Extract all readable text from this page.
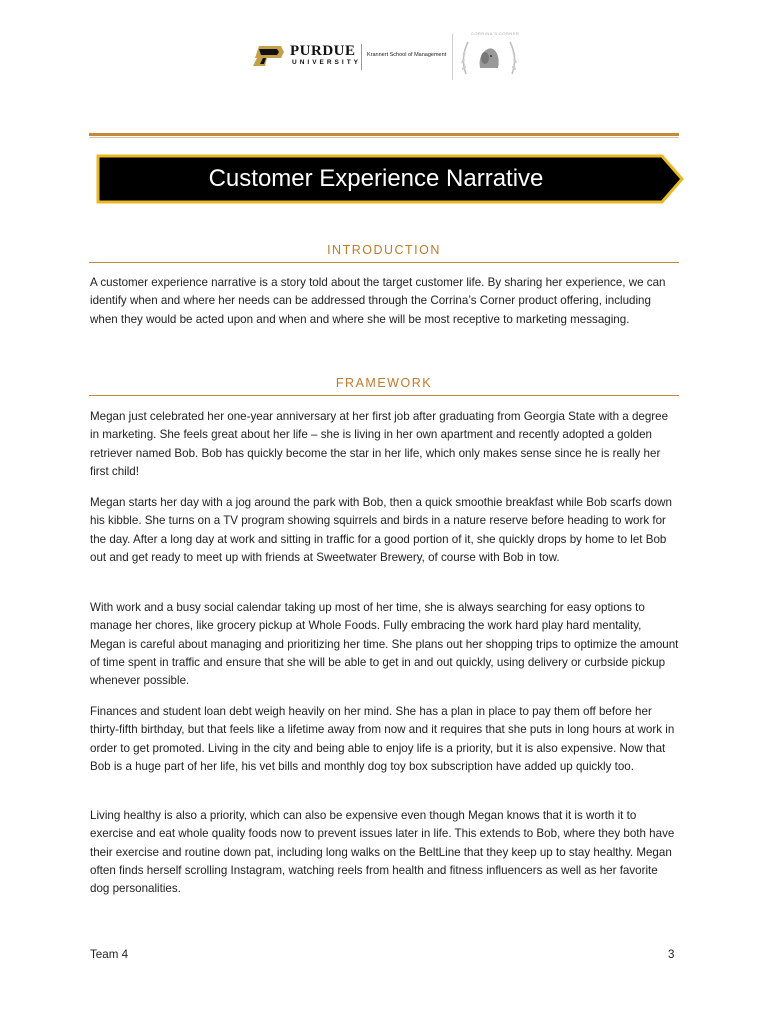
PURDUE
UNIVERSITY
Krannert School of Management
CORRINA'S CORNER
Customer Experience Narrative
INTRODUCTION

A customer experience narrative is a story told about the target customer life. By sharing her experience, we can identify when and where her needs can be addressed through the Corrina’s Corner product offering, including when they would be acted upon and when and where she will be most receptive to marketing messaging.

FRAMEWORK

Megan just celebrated her one-year anniversary at her first job after graduating from Georgia State with a degree in marketing. She feels great about her life – she is living in her own apartment and recently adopted a golden retriever named Bob. Bob has quickly become the star in her life, which only makes sense since he is really her first child!

Megan starts her day with a jog around the park with Bob, then a quick smoothie breakfast while Bob scarfs down his kibble. She turns on a TV program showing squirrels and birds in a nature reserve before heading to work for the day. After a long day at work and sitting in traffic for a good portion of it, she quickly drops by home to let Bob out and get ready to meet up with friends at Sweetwater Brewery, of course with Bob in tow.

With work and a busy social calendar taking up most of her time, she is always searching for easy options to manage her chores, like grocery pickup at Whole Foods. Fully embracing the work hard play hard mentality, Megan is careful about managing and prioritizing her time. She plans out her shopping trips to optimize the amount of time spent in traffic and ensure that she will be able to get in and out quickly, using delivery or curbside pickup whenever possible.

Finances and student loan debt weigh heavily on her mind. She has a plan in place to pay them off before her thirty-fifth birthday, but that feels like a lifetime away from now and it requires that she puts in long hours at work in order to get promoted. Living in the city and being able to enjoy life is a priority, but it is also expensive. Now that Bob is a huge part of her life, his vet bills and monthly dog toy box subscription have added up quickly too.

Living healthy is also a priority, which can also be expensive even though Megan knows that it is worth it to exercise and eat whole quality foods now to prevent issues later in life. This extends to Bob, where they both have their exercise and routine down pat, including long walks on the BeltLine that they keep up to stay healthy. Megan often finds herself scrolling Instagram, watching reels from health and fitness influencers as well as her favorite dog personalities.

Team 4	3
